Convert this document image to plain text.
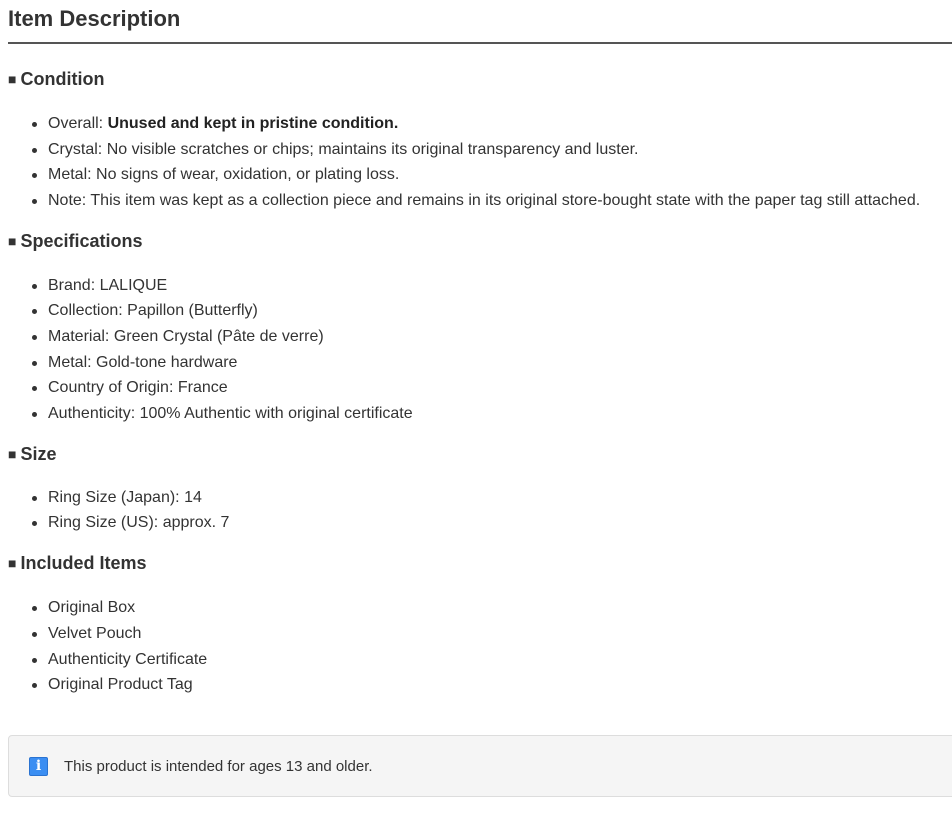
Item Description
■ Condition
Overall: Unused and kept in pristine condition.
Crystal: No visible scratches or chips; maintains its original transparency and luster.
Metal: No signs of wear, oxidation, or plating loss.
Note: This item was kept as a collection piece and remains in its original store-bought state with the paper tag still attached.
■ Specifications
Brand: LALIQUE
Collection: Papillon (Butterfly)
Material: Green Crystal (Pâte de verre)
Metal: Gold-tone hardware
Country of Origin: France
Authenticity: 100% Authentic with original certificate
■ Size
Ring Size (Japan): 14
Ring Size (US): approx. 7
■ Included Items
Original Box
Velvet Pouch
Authenticity Certificate
Original Product Tag
i	This product is intended for ages 13 and older.
